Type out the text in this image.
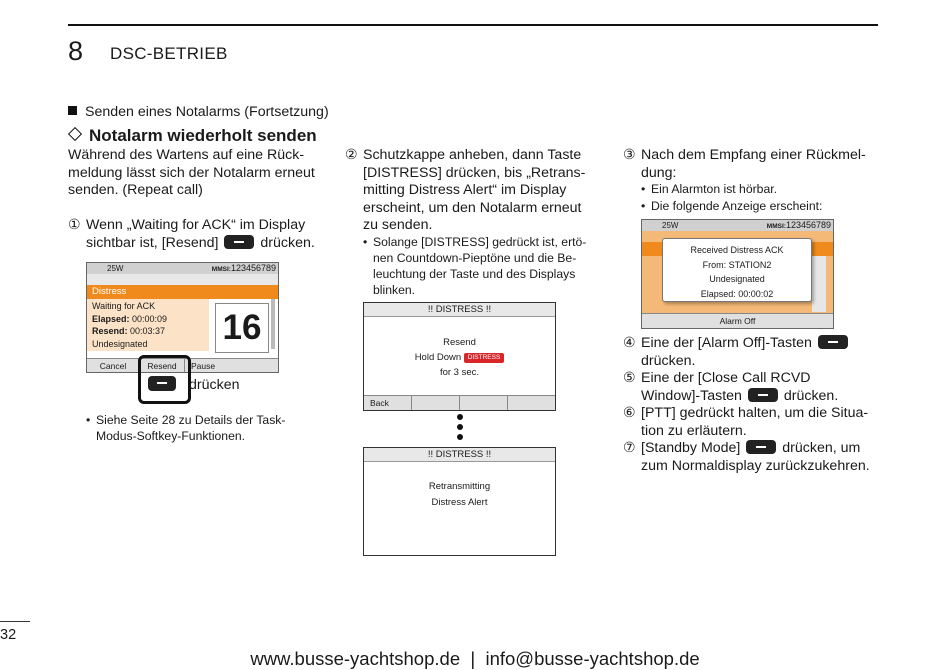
8 DSC-BETRIEB
Senden eines Notalarms (Fortsetzung)
Notalarm wiederholt senden
Während des Wartens auf eine Rück-
meldung lässt sich der Notalarm erneut
senden. (Repeat call)
① Wenn „Waiting for ACK“ im Display
sichtbar ist, [Resend]	drücken.
25W	MMSI:123456789
Distress
Waiting for ACK
Elapsed: 00:00:09
Resend: 00:03:37
Undesignated	16
Cancel	Resend	Pause
drücken
• Siehe Seite 28 zu Details der Task-
Modus-Softkey-Funktionen.
② Schutzkappe anheben, dann Taste
[DISTRESS] drücken, bis „Retrans-
mitting Distress Alert“ im Display
erscheint, um den Notalarm erneut
zu senden.
• Solange [DISTRESS] gedrückt ist, ertö-
nen Countdown-Pieptöne und die Be-
leuchtung der Taste und des Displays
blinken.
!! DISTRESS !!
Resend
Hold Down DISTRESS
for 3 sec.
Back
!! DISTRESS !!
Retransmitting
Distress Alert
③ Nach dem Empfang einer Rückmel-
dung:
• Ein Alarmton ist hörbar.
• Die folgende Anzeige erscheint:
25W	MMSI:123456789
Received Distress ACK
From: STATION2
Undesignated
Elapsed: 00:00:02
Alarm Off
④ Eine der [Alarm Off]-Tasten
drücken.
⑤ Eine der [Close Call RCVD
Window]-Tasten	drücken.
⑥ [PTT] gedrückt halten, um die Situa-
tion zu erläutern.
⑦ [Standby Mode]	drücken, um
zum Normaldisplay zurückzukehren.
32
www.busse-yachtshop.de  |  info@busse-yachtshop.de
